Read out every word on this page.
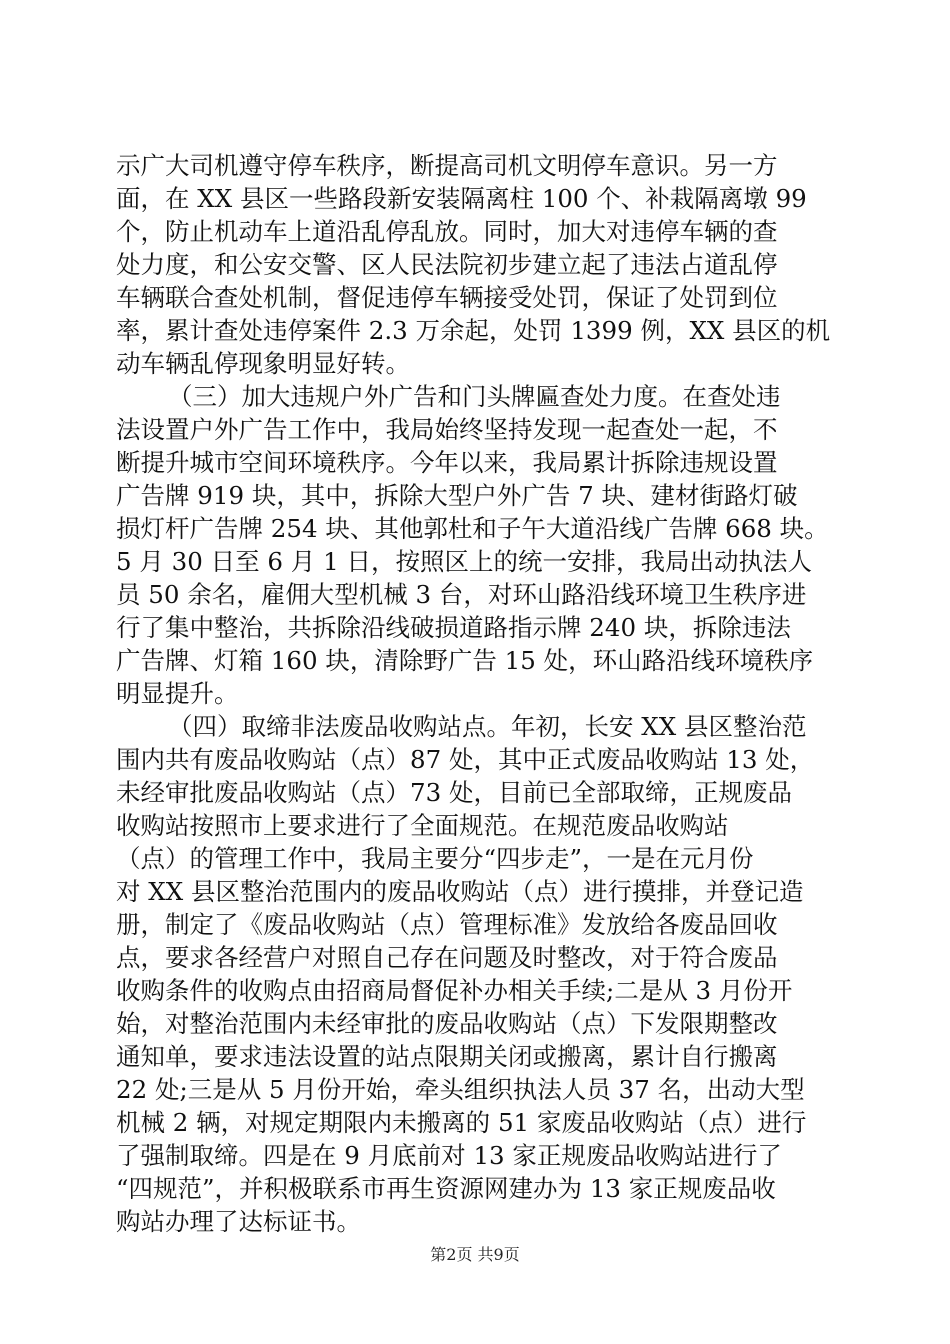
示广大司机遵守停车秩序，断提高司机文明停车意识。另一方
面，在 XX 县区一些路段新安装隔离柱 100 个、补栽隔离墩 99
个，防止机动车上道沿乱停乱放。同时，加大对违停车辆的查
处力度，和公安交警、区人民法院初步建立起了违法占道乱停
车辆联合查处机制，督促违停车辆接受处罚，保证了处罚到位
率，累计查处违停案件 2.3 万余起，处罚 1399 例，XX 县区的机
动车辆乱停现象明显好转。
（三）加大违规户外广告和门头牌匾查处力度。在查处违
法设置户外广告工作中，我局始终坚持发现一起查处一起，不
断提升城市空间环境秩序。今年以来，我局累计拆除违规设置
广告牌 919 块，其中，拆除大型户外广告 7 块、建材街路灯破
损灯杆广告牌 254 块、其他郭杜和子午大道沿线广告牌 668 块。
5 月 30 日至 6 月 1 日，按照区上的统一安排，我局出动执法人
员 50 余名，雇佣大型机械 3 台，对环山路沿线环境卫生秩序进
行了集中整治，共拆除沿线破损道路指示牌 240 块，拆除违法
广告牌、灯箱 160 块，清除野广告 15 处，环山路沿线环境秩序
明显提升。
（四）取缔非法废品收购站点。年初，长安 XX 县区整治范
围内共有废品收购站（点）87 处，其中正式废品收购站 13 处，
未经审批废品收购站（点）73 处，目前已全部取缔，正规废品
收购站按照市上要求进行了全面规范。在规范废品收购站
（点）的管理工作中，我局主要分“四步走”，一是在元月份
对 XX 县区整治范围内的废品收购站（点）进行摸排，并登记造
册，制定了《废品收购站（点）管理标准》发放给各废品回收
点，要求各经营户对照自己存在问题及时整改，对于符合废品
收购条件的收购点由招商局督促补办相关手续;二是从 3 月份开
始，对整治范围内未经审批的废品收购站（点）下发限期整改
通知单，要求违法设置的站点限期关闭或搬离，累计自行搬离
22 处;三是从 5 月份开始，牵头组织执法人员 37 名，出动大型
机械 2 辆，对规定期限内未搬离的 51 家废品收购站（点）进行
了强制取缔。四是在 9 月底前对 13 家正规废品收购站进行了
“四规范”，并积极联系市再生资源网建办为 13 家正规废品收
购站办理了达标证书。
第2页 共9页
